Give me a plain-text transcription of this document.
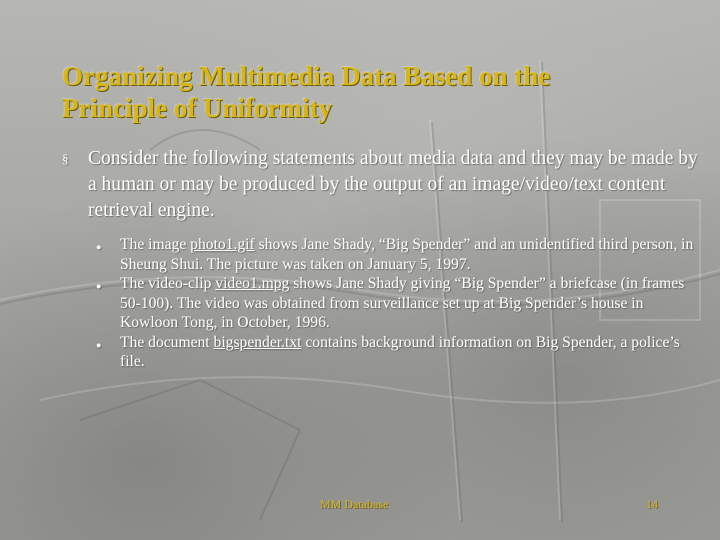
Organizing Multimedia Data Based on the
Principle of Uniformity
§ Consider the following statements about media data and they may be made by a human or may be produced by the output of an image/video/text content retrieval engine.
● The image photo1.gif shows Jane Shady, “Big Spender” and an unidentified third person, in Sheung Shui. The picture was taken on January 5, 1997.
● The video-clip video1.mpg shows Jane Shady giving “Big Spender” a briefcase (in frames 50-100). The video was obtained from surveillance set up at Big Spender’s house in Kowloon Tong, in October, 1996.
● The document bigspender.txt contains background information on Big Spender, a police’s file.
MM Database	14
